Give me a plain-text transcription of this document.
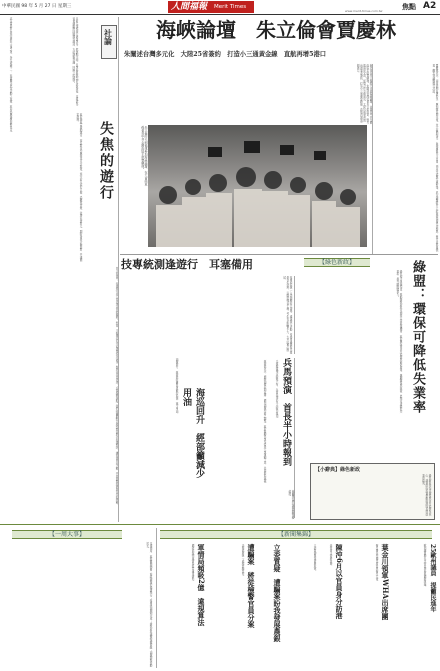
中華民國 98 年 5 月 27 日 星期三	人間福報 Merit Times	焦點 A2
www.merit-times.com.tw
海峽論壇　朱立倫會賈慶林
朱闡述台灣多元化　大陸25省簽約　打造小三通黃金線　直航再增5港口
北京當局對台遊行將近十萬之眾，各方評論不一，社會關注此次活動之成效，政府亦應審慎面對民意。	日前大規模遊行訴求眾多，然焦點不明，民眾參與熱烈卻各說各話。本報認為，社會運動應回歸理性論述，方能凝聚共識，回應公民期待。	社論
政府施政需廣納建言，而反對者亦應提出可行對策。遊行若只流於口號，恐難收實效，徒增社會對立。期盼各界冷靜面對，共謀國家發展。
失焦的遊行
民主社會中，集會遊行是人民表達意見的權利。然而，主辦單位若未能清楚設定訴求，參與者各自表述，反而模糊焦點。我們呼籲朝野以理性對話取代街頭對抗，讓社會回到正軌，共同面對經濟與民生的挑戰。
新北市長朱立倫昨天出席海峽論壇，並會見中共全國政協主席賈慶林。朱闡述台灣社會多元化特質，雙方就兩岸交流、經貿合作交換意見。大陸25個省市與台灣業者簽約，打造小三通黃金路線，直航再增加5個港口。
朱立倫昨天到福建參加海峽論壇，在大會結束後會見中共全國政協主席賈慶林。	賈慶林表示，兩岸同胞血濃於水，應加強民間往來。朱立倫則指出，台灣重視民主自由，兩岸交流應互惠對等。此次論壇吸引大批台灣基層代表參與，雙方並就農漁業、觀光等議題進行洽談。
技專統測逢遊行　耳塞備用
技專校院統一入學測驗昨天登場，適逢遊行活動，考場周邊備有耳塞供考生使用，以降低噪音干擾。考生表示影響不大，大多能專心應試。
【綠色新政】	綠盟：環保可降低失業率
綠色和平組織指出，推動綠色新政可創造大量就業機會，政府應投資再生能源與節能產業，兼顧環保與經濟。此舉可望降低失業率，提升國際競爭力。
【小辭典】綠色新政
綠色新政是指以環保與再生能源為核心，透過政府投資帶動經濟成長與就業的政策。
油價回升，經濟部呼籲民眾節約能源，減少用油。
海巡回升　經部籲減少用油	經濟部表示，國際油價近期反彈，國內油價亦隨之調整。政府鼓勵民眾多搭乘大眾運輸工具，共同節能減碳。 兵馬預演　首長半小時報到
兵棋推演預定時程公布，各首長須於半小時內報到。
相關單位將持續追蹤後續發展。
【一周大事】	【新聞集錦】
本週兩岸、政經要聞摘要：海峽論壇於福建舉行；技專統測順利完成；綠色新政議題持續發酵；油價調整牽動民生。	軍情局頻吸2億　違規算法
國防部說明軍情局經費運用情形。	遭騙案　將從檢警官員分案
法務部將統一處理詐騙案件。	立委質疑　遭騙案盼我發展農銀	立委質詢農業發展政策。	陳沖6月以官員身分訪港
金管會主委將訪港。	葉金川領軍WHA出席團
衛生署長率團出席世界衛生大會。	25歐州議員　提籲民進年
歐洲議員聯名支持台灣參與國際組織。
